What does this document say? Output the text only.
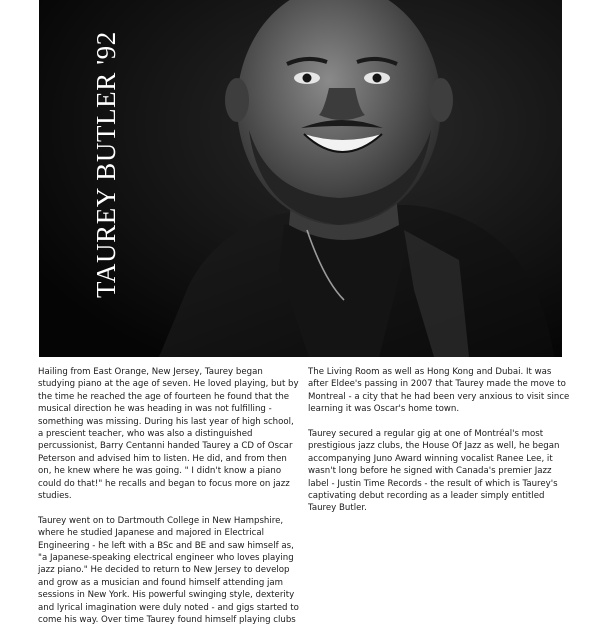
TAUREY BUTLER '92

Hailing from East Orange, New Jersey, Taurey began studying piano at the age of seven. He loved playing, but by the time he reached the age of fourteen he found that the musical direction he was heading in was not fulfilling - something was missing. During his last year of high school, a prescient teacher, who was also a distinguished percussionist, Barry Centanni handed Taurey a CD of Oscar Peterson and advised him to listen. He did, and from then on, he knew where he was going. " I didn't know a piano could do that!" he recalls and began to focus more on jazz studies.

Taurey went on to Dartmouth College in New Hampshire, where he studied Japanese and majored in Electrical Engineering - he left with a BSc and BE and saw himself as, "a Japanese-speaking electrical engineer who loves playing jazz piano." He decided to return to New Jersey to develop and grow as a musician and found himself attending jam sessions in New York. His powerful swinging style, dexterity and lyrical imagination were duly noted - and gigs started to come his way. Over time Taurey found himself playing clubs

The Living Room as well as Hong Kong and Dubai. It was after Eldee's passing in 2007 that Taurey made the move to Montreal - a city that he had been very anxious to visit since learning it was Oscar's home town.

Taurey secured a regular gig at one of Montréal's most prestigious jazz clubs, the House Of Jazz as well, he began accompanying Juno Award winning vocalist Ranee Lee, it wasn't long before he signed with Canada's premier Jazz label - Justin Time Records - the result of which is Taurey's captivating debut recording as a leader simply entitled Taurey Butler.
